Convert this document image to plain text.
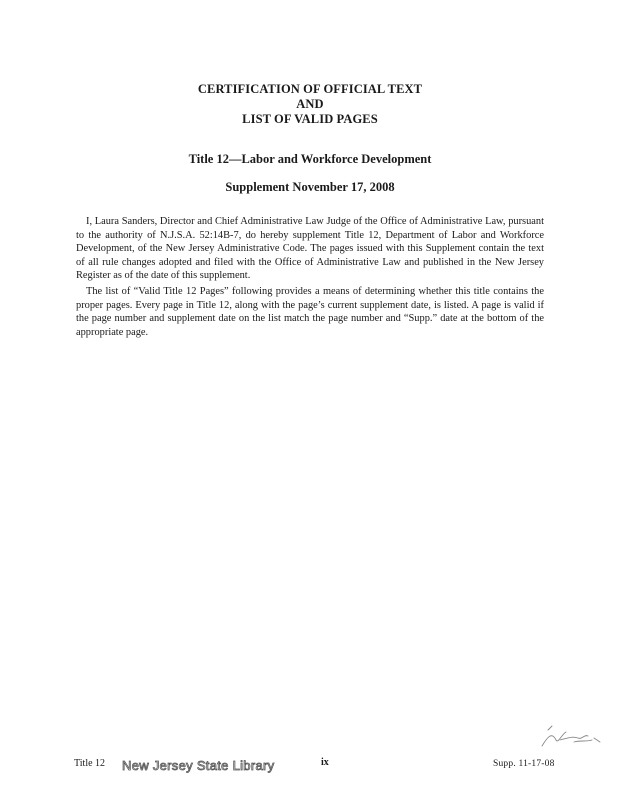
CERTIFICATION OF OFFICIAL TEXT
AND
LIST OF VALID PAGES
Title 12—Labor and Workforce Development
Supplement November 17, 2008

I, Laura Sanders, Director and Chief Administrative Law Judge of the Office of Administrative Law, pursuant to the authority of N.J.S.A. 52:14B-7, do hereby supplement Title 12, Department of Labor and Workforce Development, of the New Jersey Administrative Code. The pages issued with this Supplement contain the text of all rule changes adopted and filed with the Office of Administrative Law and published in the New Jersey Register as of the date of this supplement.

The list of “Valid Title 12 Pages” following provides a means of determining whether this title contains the proper pages. Every page in Title 12, along with the page’s current supplement date, is listed. A page is valid if the page number and supplement date on the list match the page number and “Supp.” date at the bottom of the appropriate page.

Title 12 New Jersey State Library	ix	Supp. 11-17-08
